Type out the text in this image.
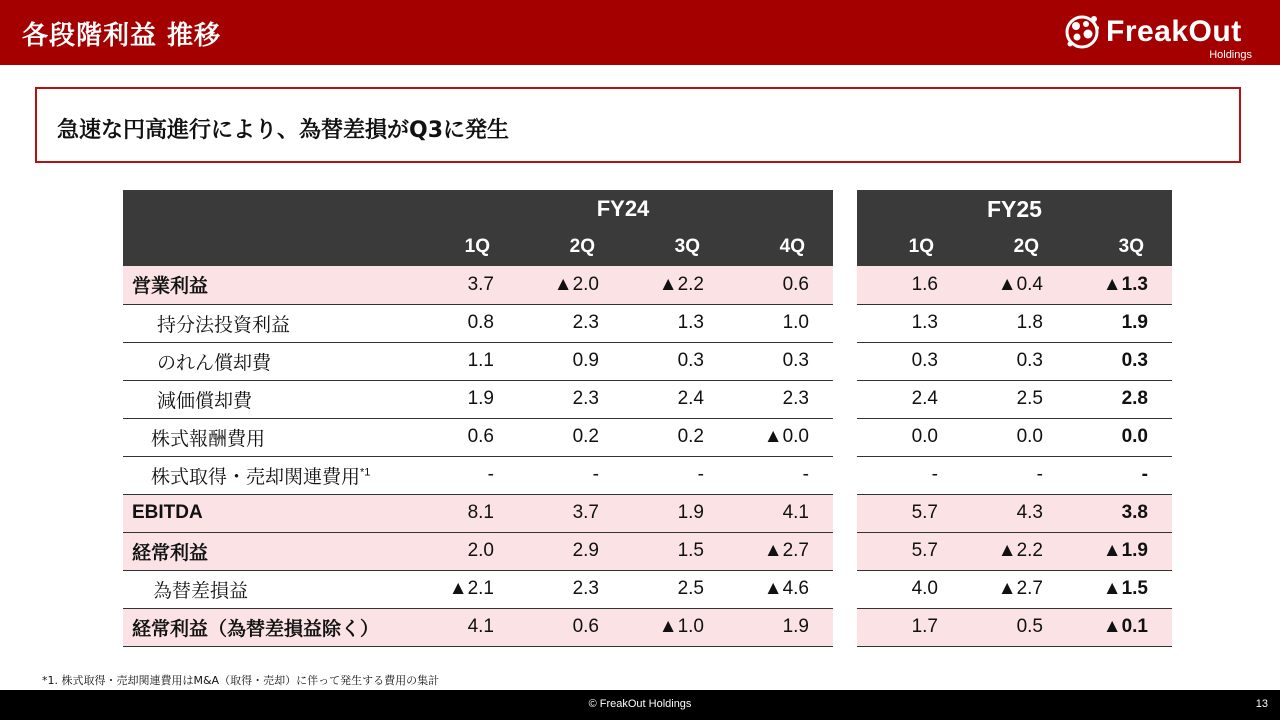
各段階利益 推移	FreakOut
Holdings
急速な円高進行により、為替差損がQ3に発生
	FY24					FY25		
	1Q	2Q	3Q	4Q		1Q	2Q	3Q
営業利益	3.7	▲2.0	▲2.2	0.6		1.6	▲0.4	▲1.3
持分法投資利益	0.8	2.3	1.3	1.0		1.3	1.8	1.9
のれん償却費	1.1	0.9	0.3	0.3		0.3	0.3	0.3
減価償却費	1.9	2.3	2.4	2.3		2.4	2.5	2.8
株式報酬費用	0.6	0.2	0.2	▲0.0		0.0	0.0	0.0
株式取得・売却関連費用$^{*1}$	-	-	-	-		-	-	-
EBITDA	8.1	3.7	1.9	4.1		5.7	4.3	3.8
経常利益	2.0	2.9	1.5	▲2.7		5.7	▲2.2	▲1.9
為替差損益	▲2.1	2.3	2.5	▲4.6		4.0	▲2.7	▲1.5
経常利益（為替差損益除く）	4.1	0.6	▲1.0	1.9		1.7	0.5	▲0.1
*1. 株式取得・売却関連費用はM&A（取得・売却）に伴って発生する費用の集計
© FreakOut Holdings	13
